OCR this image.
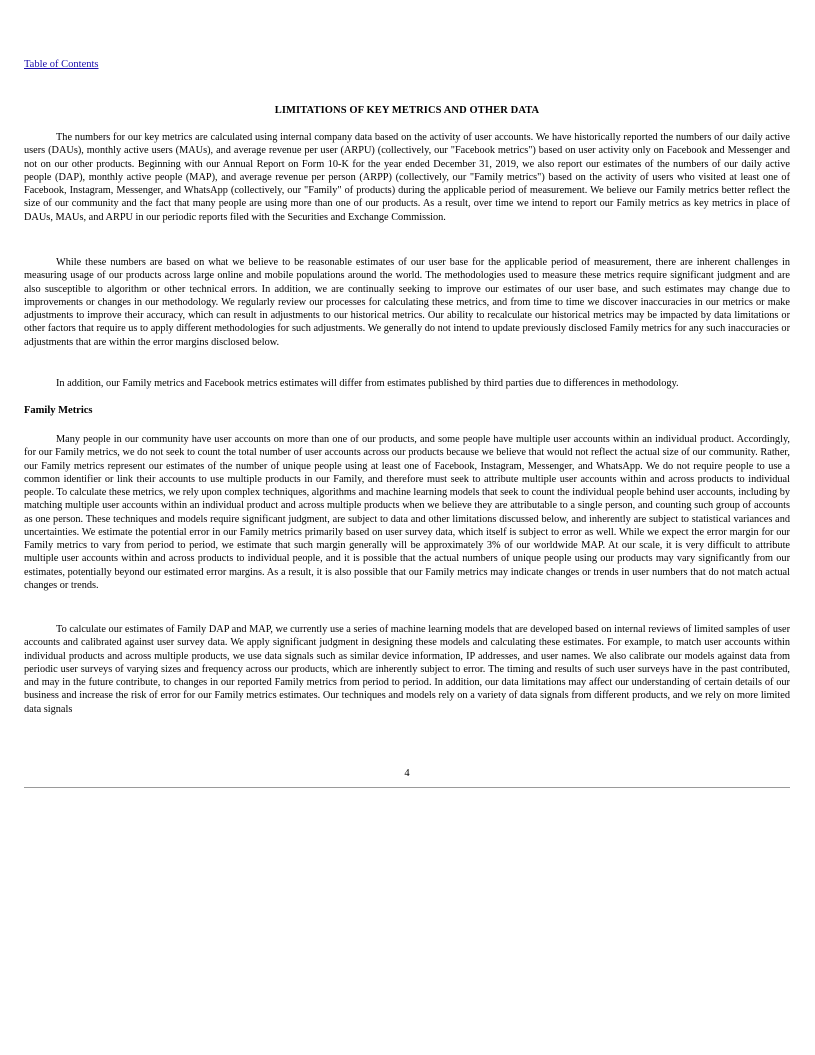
Table of Contents
LIMITATIONS OF KEY METRICS AND OTHER DATA

The numbers for our key metrics are calculated using internal company data based on the activity of user accounts. We have historically reported the numbers of our daily active users (DAUs), monthly active users (MAUs), and average revenue per user (ARPU) (collectively, our "Facebook metrics") based on user activity only on Facebook and Messenger and not on our other products. Beginning with our Annual Report on Form 10-K for the year ended December 31, 2019, we also report our estimates of the numbers of our daily active people (DAP), monthly active people (MAP), and average revenue per person (ARPP) (collectively, our "Family metrics") based on the activity of users who visited at least one of Facebook, Instagram, Messenger, and WhatsApp (collectively, our "Family" of products) during the applicable period of measurement. We believe our Family metrics better reflect the size of our community and the fact that many people are using more than one of our products. As a result, over time we intend to report our Family metrics as key metrics in place of DAUs, MAUs, and ARPU in our periodic reports filed with the Securities and Exchange Commission.

While these numbers are based on what we believe to be reasonable estimates of our user base for the applicable period of measurement, there are inherent challenges in measuring usage of our products across large online and mobile populations around the world. The methodologies used to measure these metrics require significant judgment and are also susceptible to algorithm or other technical errors. In addition, we are continually seeking to improve our estimates of our user base, and such estimates may change due to improvements or changes in our methodology. We regularly review our processes for calculating these metrics, and from time to time we discover inaccuracies in our metrics or make adjustments to improve their accuracy, which can result in adjustments to our historical metrics. Our ability to recalculate our historical metrics may be impacted by data limitations or other factors that require us to apply different methodologies for such adjustments. We generally do not intend to update previously disclosed Family metrics for any such inaccuracies or adjustments that are within the error margins disclosed below.

In addition, our Family metrics and Facebook metrics estimates will differ from estimates published by third parties due to differences in methodology.

Family Metrics

Many people in our community have user accounts on more than one of our products, and some people have multiple user accounts within an individual product. Accordingly, for our Family metrics, we do not seek to count the total number of user accounts across our products because we believe that would not reflect the actual size of our community. Rather, our Family metrics represent our estimates of the number of unique people using at least one of Facebook, Instagram, Messenger, and WhatsApp. We do not require people to use a common identifier or link their accounts to use multiple products in our Family, and therefore must seek to attribute multiple user accounts within and across products to individual people. To calculate these metrics, we rely upon complex techniques, algorithms and machine learning models that seek to count the individual people behind user accounts, including by matching multiple user accounts within an individual product and across multiple products when we believe they are attributable to a single person, and counting such group of accounts as one person. These techniques and models require significant judgment, are subject to data and other limitations discussed below, and inherently are subject to statistical variances and uncertainties. We estimate the potential error in our Family metrics primarily based on user survey data, which itself is subject to error as well. While we expect the error margin for our Family metrics to vary from period to period, we estimate that such margin generally will be approximately 3% of our worldwide MAP. At our scale, it is very difficult to attribute multiple user accounts within and across products to individual people, and it is possible that the actual numbers of unique people using our products may vary significantly from our estimates, potentially beyond our estimated error margins. As a result, it is also possible that our Family metrics may indicate changes or trends in user numbers that do not match actual changes or trends.

To calculate our estimates of Family DAP and MAP, we currently use a series of machine learning models that are developed based on internal reviews of limited samples of user accounts and calibrated against user survey data. We apply significant judgment in designing these models and calculating these estimates. For example, to match user accounts within individual products and across multiple products, we use data signals such as similar device information, IP addresses, and user names. We also calibrate our models against data from periodic user surveys of varying sizes and frequency across our products, which are inherently subject to error. The timing and results of such user surveys have in the past contributed, and may in the future contribute, to changes in our reported Family metrics from period to period. In addition, our data limitations may affect our understanding of certain details of our business and increase the risk of error for our Family metrics estimates. Our techniques and models rely on a variety of data signals from different products, and we rely on more limited data signals

4
